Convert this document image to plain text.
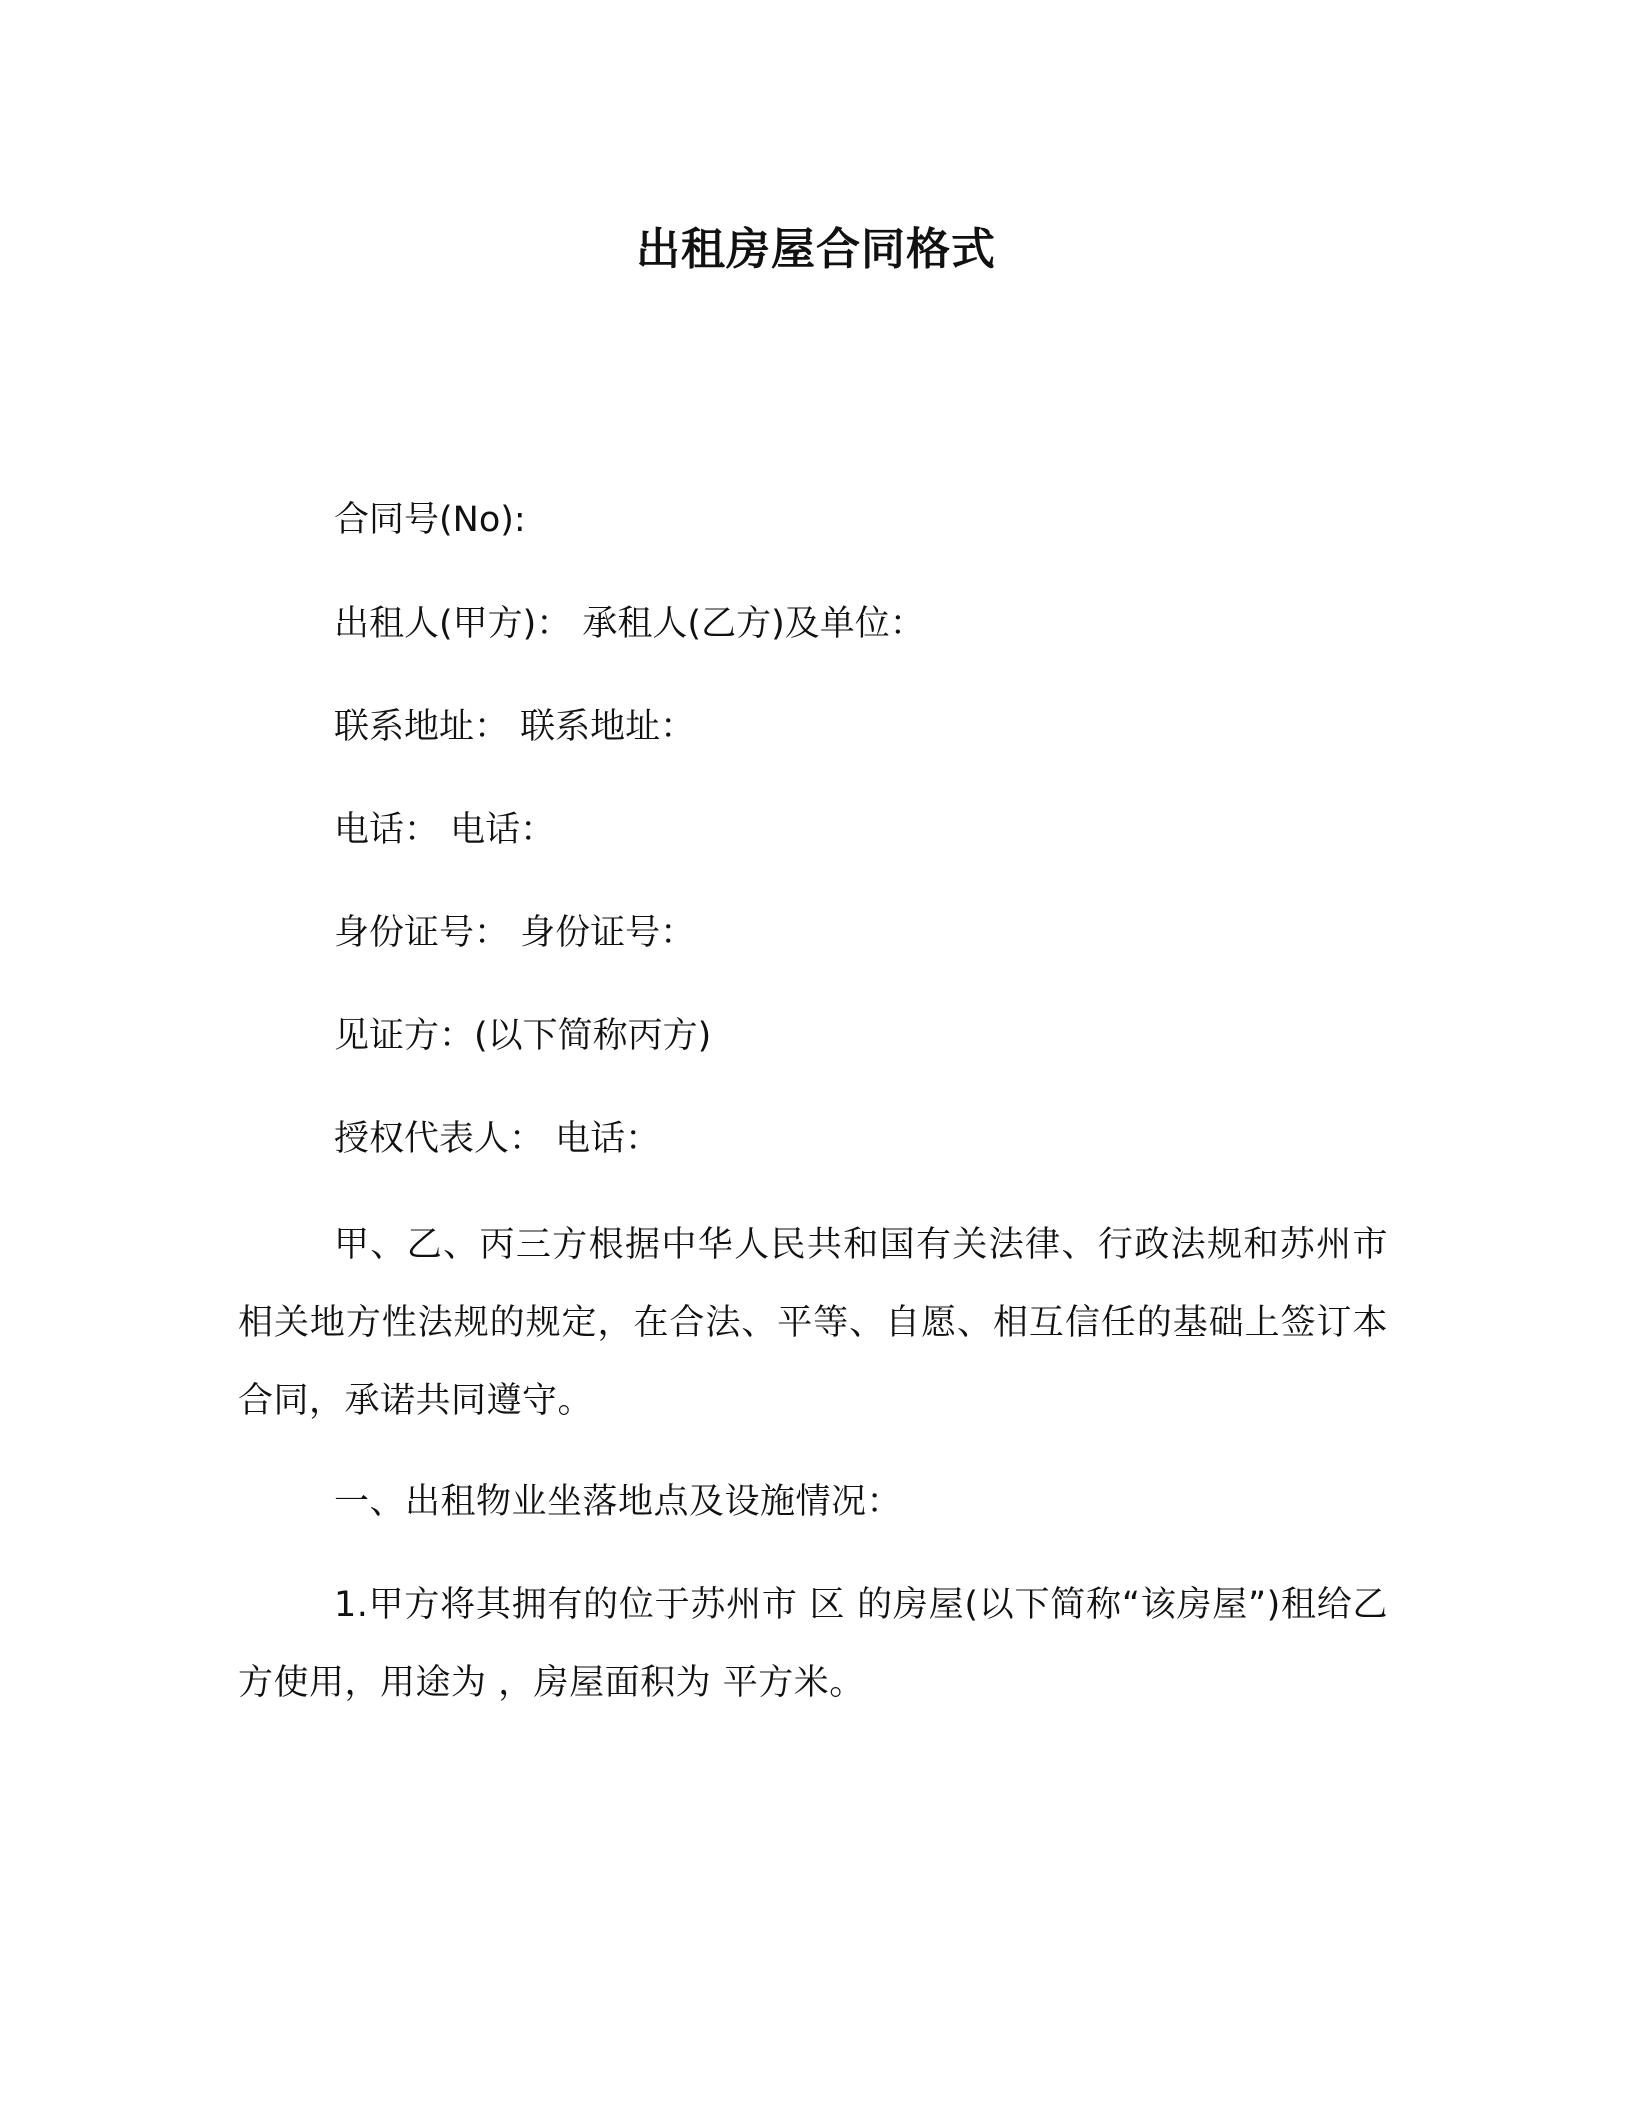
出租房屋合同格式
合同号(No):
出租人(甲方)： 承租人(乙方)及单位：
联系地址： 联系地址：
电话： 电话：
身份证号： 身份证号：
见证方：(以下简称丙方)
授权代表人： 电话：
甲、乙、丙三方根据中华人民共和国有关法律、行政法规和苏州市相关地方性法规的规定，在合法、平等、自愿、相互信任的基础上签订本合同，承诺共同遵守。
一、出租物业坐落地点及设施情况：
1.甲方将其拥有的位于苏州市 区 的房屋(以下简称“该房屋”)租给乙方使用，用途为 ，房屋面积为 平方米。
